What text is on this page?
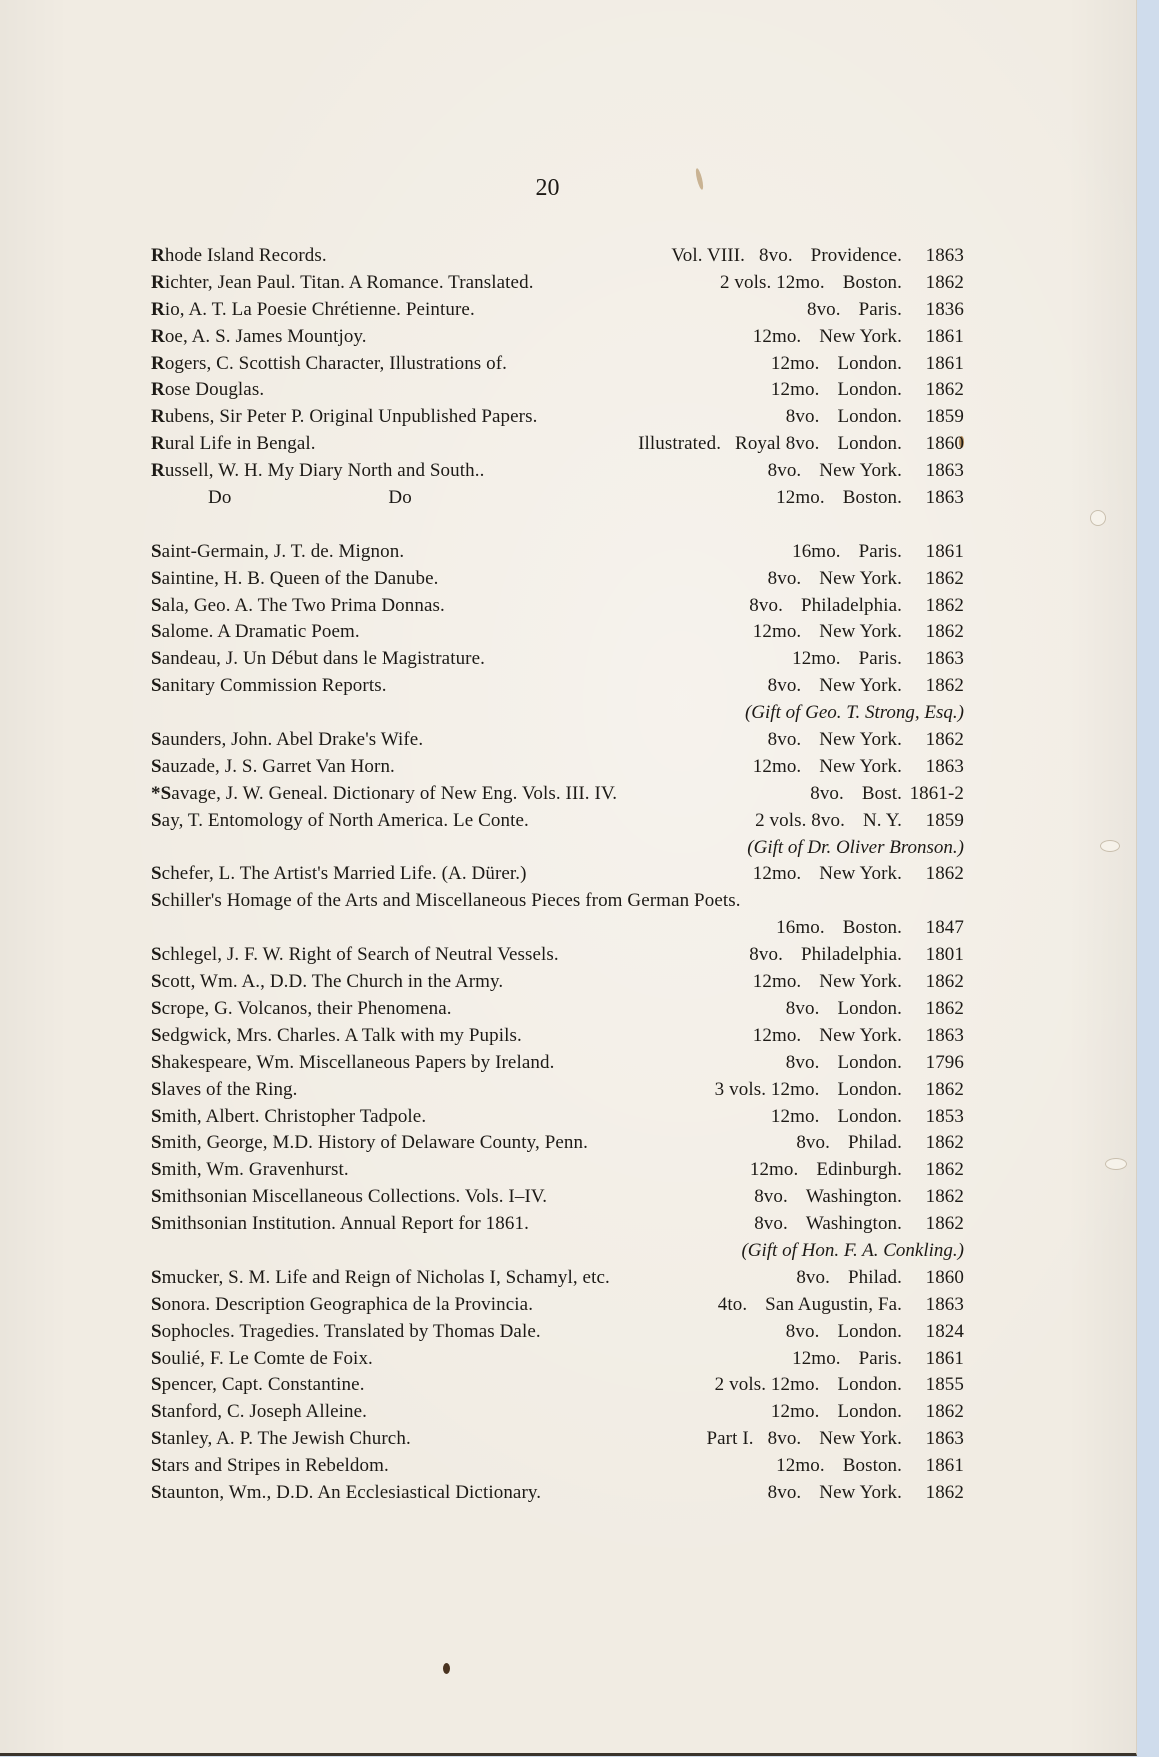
20
Rhode Island Records.	Vol. VIII. 8vo. Providence.	1863
Richter, Jean Paul. Titan. A Romance. Translated.	2 vols. 12mo. Boston.	1862
Rio, A. T. La Poesie Chrétienne. Peinture.	8vo. Paris.	1836
Roe, A. S. James Mountjoy.	12mo. New York.	1861
Rogers, C. Scottish Character, Illustrations of.	12mo. London.	1861
Rose Douglas.	12mo. London.	1862
Rubens, Sir Peter P. Original Unpublished Papers.	8vo. London.	1859
Rural Life in Bengal.	Illustrated. Royal 8vo. London.	1860
Russell, W. H. My Diary North and South..	8vo. New York.	1863
Do	Do	12mo. Boston.	1863
Saint-Germain, J. T. de. Mignon.	16mo. Paris.	1861
Saintine, H. B. Queen of the Danube.	8vo. New York.	1862
Sala, Geo. A. The Two Prima Donnas.	8vo. Philadelphia.	1862
Salome. A Dramatic Poem.	12mo. New York.	1862
Sandeau, J. Un Début dans le Magistrature.	12mo. Paris.	1863
Sanitary Commission Reports.	8vo. New York.	1862
(Gift of Geo. T. Strong, Esq.)
Saunders, John. Abel Drake's Wife.	8vo. New York.	1862
Sauzade, J. S. Garret Van Horn.	12mo. New York.	1863
*Savage, J. W. Geneal. Dictionary of New Eng. Vols. III. IV.	8vo. Bost. 1861-2
Say, T. Entomology of North America. Le Conte.	2 vols. 8vo. N. Y.	1859
(Gift of Dr. Oliver Bronson.)
Schefer, L. The Artist's Married Life. (A. Dürer.)	12mo. New York.	1862
Schiller's Homage of the Arts and Miscellaneous Pieces from German Poets.
16mo. Boston.	1847
Schlegel, J. F. W. Right of Search of Neutral Vessels.	8vo. Philadelphia.	1801
Scott, Wm. A., D.D. The Church in the Army.	12mo. New York.	1862
Scrope, G. Volcanos, their Phenomena.	8vo. London.	1862
Sedgwick, Mrs. Charles. A Talk with my Pupils.	12mo. New York.	1863
Shakespeare, Wm. Miscellaneous Papers by Ireland.	8vo. London.	1796
Slaves of the Ring.	3 vols. 12mo. London.	1862
Smith, Albert. Christopher Tadpole.	12mo. London.	1853
Smith, George, M.D. History of Delaware County, Penn.	8vo. Philad.	1862
Smith, Wm. Gravenhurst.	12mo. Edinburgh.	1862
Smithsonian Miscellaneous Collections. Vols. I–IV.	8vo. Washington.	1862
Smithsonian Institution. Annual Report for 1861.	8vo. Washington.	1862
(Gift of Hon. F. A. Conkling.)
Smucker, S. M. Life and Reign of Nicholas I, Schamyl, etc.	8vo. Philad.	1860
Sonora. Description Geographica de la Provincia.	4to. San Augustin, Fa.	1863
Sophocles. Tragedies. Translated by Thomas Dale.	8vo. London.	1824
Soulié, F. Le Comte de Foix.	12mo. Paris.	1861
Spencer, Capt. Constantine.	2 vols. 12mo. London.	1855
Stanford, C. Joseph Alleine.	12mo. London.	1862
Stanley, A. P. The Jewish Church.	Part I. 8vo. New York.	1863
Stars and Stripes in Rebeldom.	12mo. Boston.	1861
Staunton, Wm., D.D. An Ecclesiastical Dictionary.	8vo. New York.	1862
